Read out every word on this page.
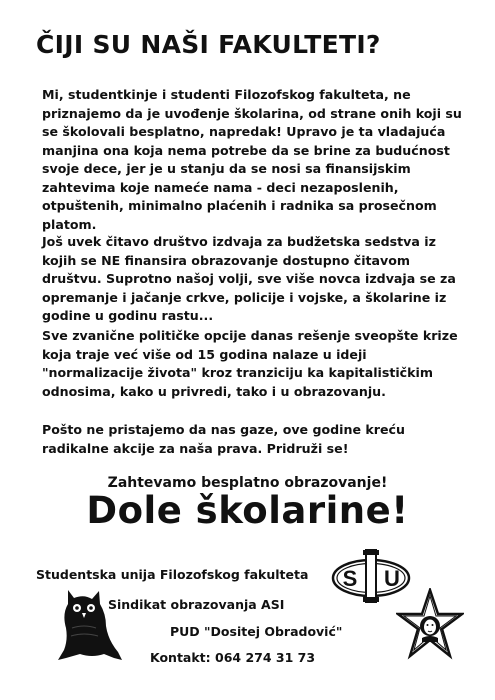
ČIJI SU NAŠI FAKULTETI?
Mi, studentkinje i studenti Filozofskog fakulteta, ne priznajemo da je uvođenje školarina, od strane onih koji su se školovali besplatno, napredak! Upravo je ta vladajuća manjina ona koja nema potrebe da se brine za budućnost svoje dece, jer je u stanju da se nosi sa finansijskim zahtevima koje nameće nama - deci nezaposlenih, otpuštenih, minimalno plaćenih i radnika sa prosečnom platom.
Još uvek čitavo društvo izdvaja za budžetska sedstva iz kojih se NE finansira obrazovanje dostupno čitavom društvu. Suprotno našoj volji, sve više novca izdvaja se za opremanje i jačanje crkve, policije i vojske, a školarine iz godine u godinu rastu...
Sve zvanične političke opcije danas rešenje sveopšte krize koja traje već više od 15 godina nalaze u ideji "normalizacije života" kroz tranziciju ka kapitalističkim odnosima, kako u privredi, tako i u obrazovanju.
Pošto ne pristajemo da nas gaze, ove godine kreću radikalne akcije za naša prava. Pridruži se!
Zahtevamo besplatno obrazovanje!
Dole školarine!
Studentska unija Filozofskog fakulteta
Sindikat obrazovanja ASI
PUD "Dositej Obradović"
Kontakt: 064 274 31 73
S U
